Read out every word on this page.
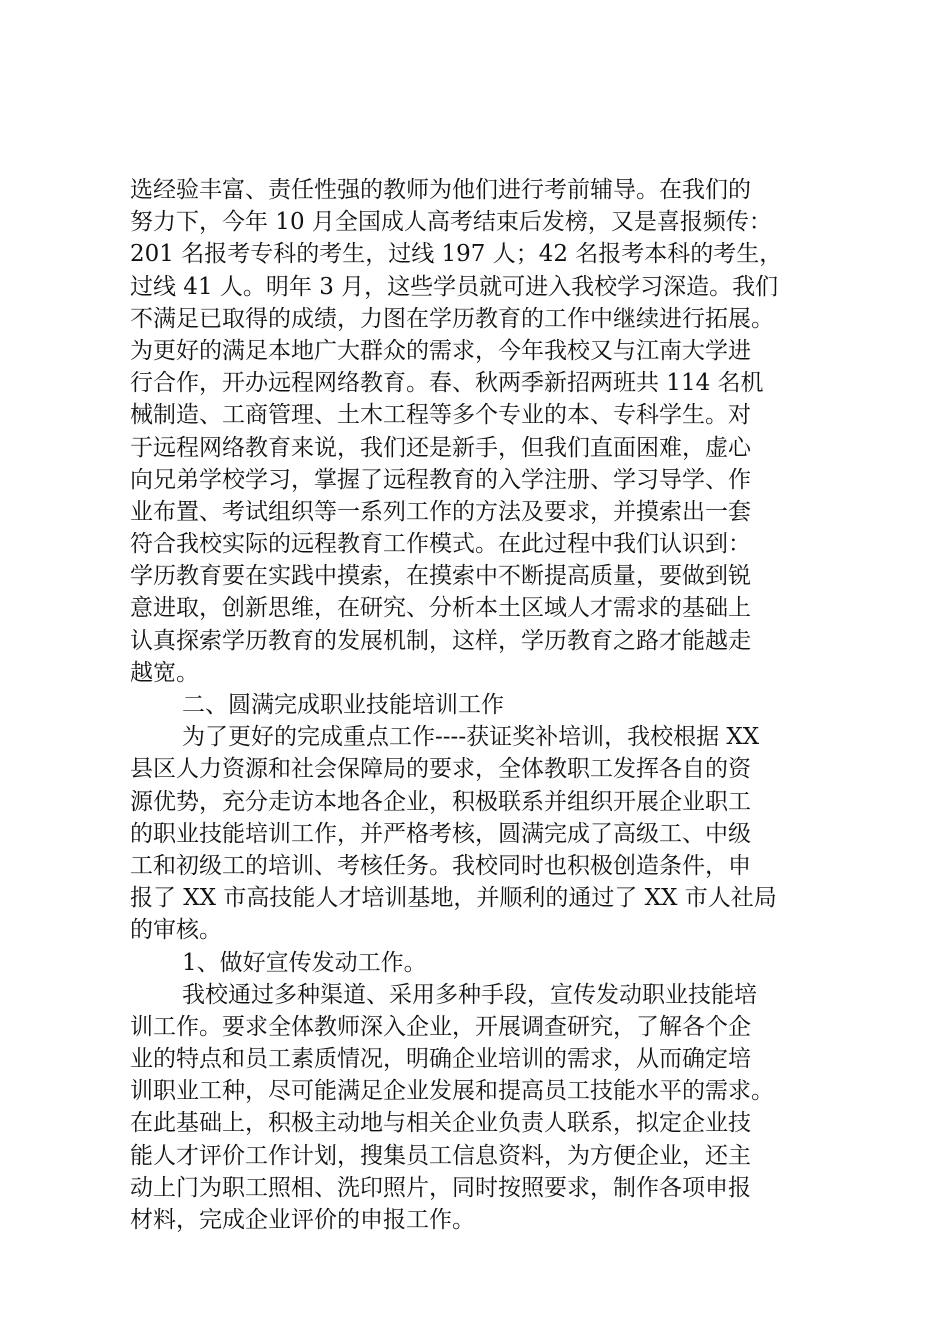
选经验丰富、责任性强的教师为他们进行考前辅导。在我们的
努力下，今年 10 月全国成人高考结束后发榜，又是喜报频传：
201 名报考专科的考生，过线 197 人；42 名报考本科的考生，
过线 41 人。明年 3 月，这些学员就可进入我校学习深造。我们
不满足已取得的成绩，力图在学历教育的工作中继续进行拓展。
为更好的满足本地广大群众的需求，今年我校又与江南大学进
行合作，开办远程网络教育。春、秋两季新招两班共 114 名机
械制造、工商管理、土木工程等多个专业的本、专科学生。对
于远程网络教育来说，我们还是新手，但我们直面困难，虚心
向兄弟学校学习，掌握了远程教育的入学注册、学习导学、作
业布置、考试组织等一系列工作的方法及要求，并摸索出一套
符合我校实际的远程教育工作模式。在此过程中我们认识到：
学历教育要在实践中摸索，在摸索中不断提高质量，要做到锐
意进取，创新思维，在研究、分析本土区域人才需求的基础上
认真探索学历教育的发展机制，这样，学历教育之路才能越走
越宽。
二、圆满完成职业技能培训工作
为了更好的完成重点工作----获证奖补培训，我校根据 XX
县区人力资源和社会保障局的要求，全体教职工发挥各自的资
源优势，充分走访本地各企业，积极联系并组织开展企业职工
的职业技能培训工作，并严格考核，圆满完成了高级工、中级
工和初级工的培训、考核任务。我校同时也积极创造条件，申
报了 XX 市高技能人才培训基地，并顺利的通过了 XX 市人社局
的审核。
1、做好宣传发动工作。
我校通过多种渠道、采用多种手段，宣传发动职业技能培
训工作。要求全体教师深入企业，开展调查研究，了解各个企
业的特点和员工素质情况，明确企业培训的需求，从而确定培
训职业工种，尽可能满足企业发展和提高员工技能水平的需求。
在此基础上，积极主动地与相关企业负责人联系，拟定企业技
能人才评价工作计划，搜集员工信息资料，为方便企业，还主
动上门为职工照相、洗印照片，同时按照要求，制作各项申报
材料，完成企业评价的申报工作。
